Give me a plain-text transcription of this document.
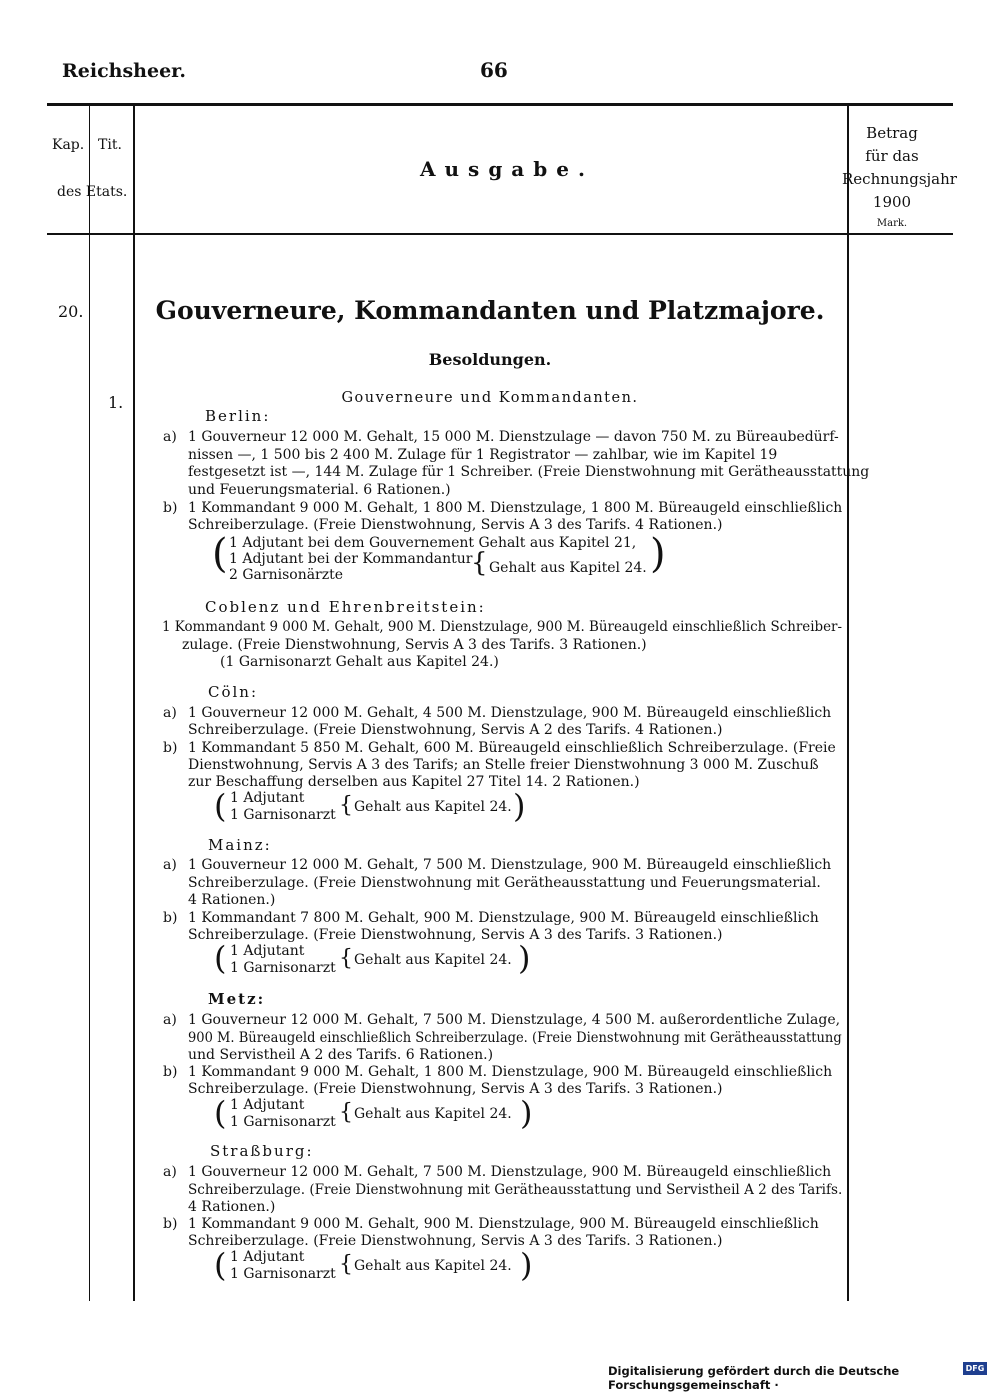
Reichsheer.	66
Kap. Tit.
des Etats.
Ausgabe.
Betrag
für das
Rechnungsjahr
1900
Mark.
20.
1.
Gouverneure, Kommandanten und Platzmajore.
Besoldungen.
Gouverneure und Kommandanten.
Berlin:
a) 1 Gouverneur 12 000 M. Gehalt, 15 000 M. Dienstzulage — davon 750 M. zu Büreaubedürf-
nissen —, 1 500 bis 2 400 M. Zulage für 1 Registrator — zahlbar, wie im Kapitel 19
festgesetzt ist —, 144 M. Zulage für 1 Schreiber. (Freie Dienstwohnung mit Gerätheausstattung
und Feuerungsmaterial. 6 Rationen.)
b) 1 Kommandant 9 000 M. Gehalt, 1 800 M. Dienstzulage, 1 800 M. Büreaugeld einschließlich
Schreiberzulage. (Freie Dienstwohnung, Servis A 3 des Tarifs. 4 Rationen.)
( 1 Adjutant bei dem Gouvernement Gehalt aus Kapitel 21,
1 Adjutant bei der Kommandantur
2 Garnisonärzte	{ Gehalt aus Kapitel 24. )
Coblenz und Ehrenbreitstein:
1 Kommandant 9 000 M. Gehalt, 900 M. Dienstzulage, 900 M. Büreaugeld einschließlich Schreiber-
zulage. (Freie Dienstwohnung, Servis A 3 des Tarifs. 3 Rationen.)
(1 Garnisonarzt Gehalt aus Kapitel 24.)
Cöln:
a) 1 Gouverneur 12 000 M. Gehalt, 4 500 M. Dienstzulage, 900 M. Büreaugeld einschließlich
Schreiberzulage. (Freie Dienstwohnung, Servis A 2 des Tarifs. 4 Rationen.)
b) 1 Kommandant 5 850 M. Gehalt, 600 M. Büreaugeld einschließlich Schreiberzulage. (Freie
Dienstwohnung, Servis A 3 des Tarifs; an Stelle freier Dienstwohnung 3 000 M. Zuschuß
zur Beschaffung derselben aus Kapitel 27 Titel 14. 2 Rationen.)
( 1 Adjutant
1 Garnisonarzt { Gehalt aus Kapitel 24. )
Mainz:
a) 1 Gouverneur 12 000 M. Gehalt, 7 500 M. Dienstzulage, 900 M. Büreaugeld einschließlich
Schreiberzulage. (Freie Dienstwohnung mit Gerätheausstattung und Feuerungsmaterial.
4 Rationen.)
b) 1 Kommandant 7 800 M. Gehalt, 900 M. Dienstzulage, 900 M. Büreaugeld einschließlich
Schreiberzulage. (Freie Dienstwohnung, Servis A 3 des Tarifs. 3 Rationen.)
( 1 Adjutant
1 Garnisonarzt { Gehalt aus Kapitel 24. )
Metz:
a) 1 Gouverneur 12 000 M. Gehalt, 7 500 M. Dienstzulage, 4 500 M. außerordentliche Zulage,
900 M. Büreaugeld einschließlich Schreiberzulage. (Freie Dienstwohnung mit Gerätheausstattung
und Servistheil A 2 des Tarifs. 6 Rationen.)
b) 1 Kommandant 9 000 M. Gehalt, 1 800 M. Dienstzulage, 900 M. Büreaugeld einschließlich
Schreiberzulage. (Freie Dienstwohnung, Servis A 3 des Tarifs. 3 Rationen.)
( 1 Adjutant
1 Garnisonarzt { Gehalt aus Kapitel 24. )
Straßburg:
a) 1 Gouverneur 12 000 M. Gehalt, 7 500 M. Dienstzulage, 900 M. Büreaugeld einschließlich
Schreiberzulage. (Freie Dienstwohnung mit Gerätheausstattung und Servistheil A 2 des Tarifs.
4 Rationen.)
b) 1 Kommandant 9 000 M. Gehalt, 900 M. Dienstzulage, 900 M. Büreaugeld einschließlich
Schreiberzulage. (Freie Dienstwohnung, Servis A 3 des Tarifs. 3 Rationen.)
( 1 Adjutant
1 Garnisonarzt { Gehalt aus Kapitel 24. )
Digitalisierung gefördert durch die Deutsche Forschungsgemeinschaft ·
DFG
